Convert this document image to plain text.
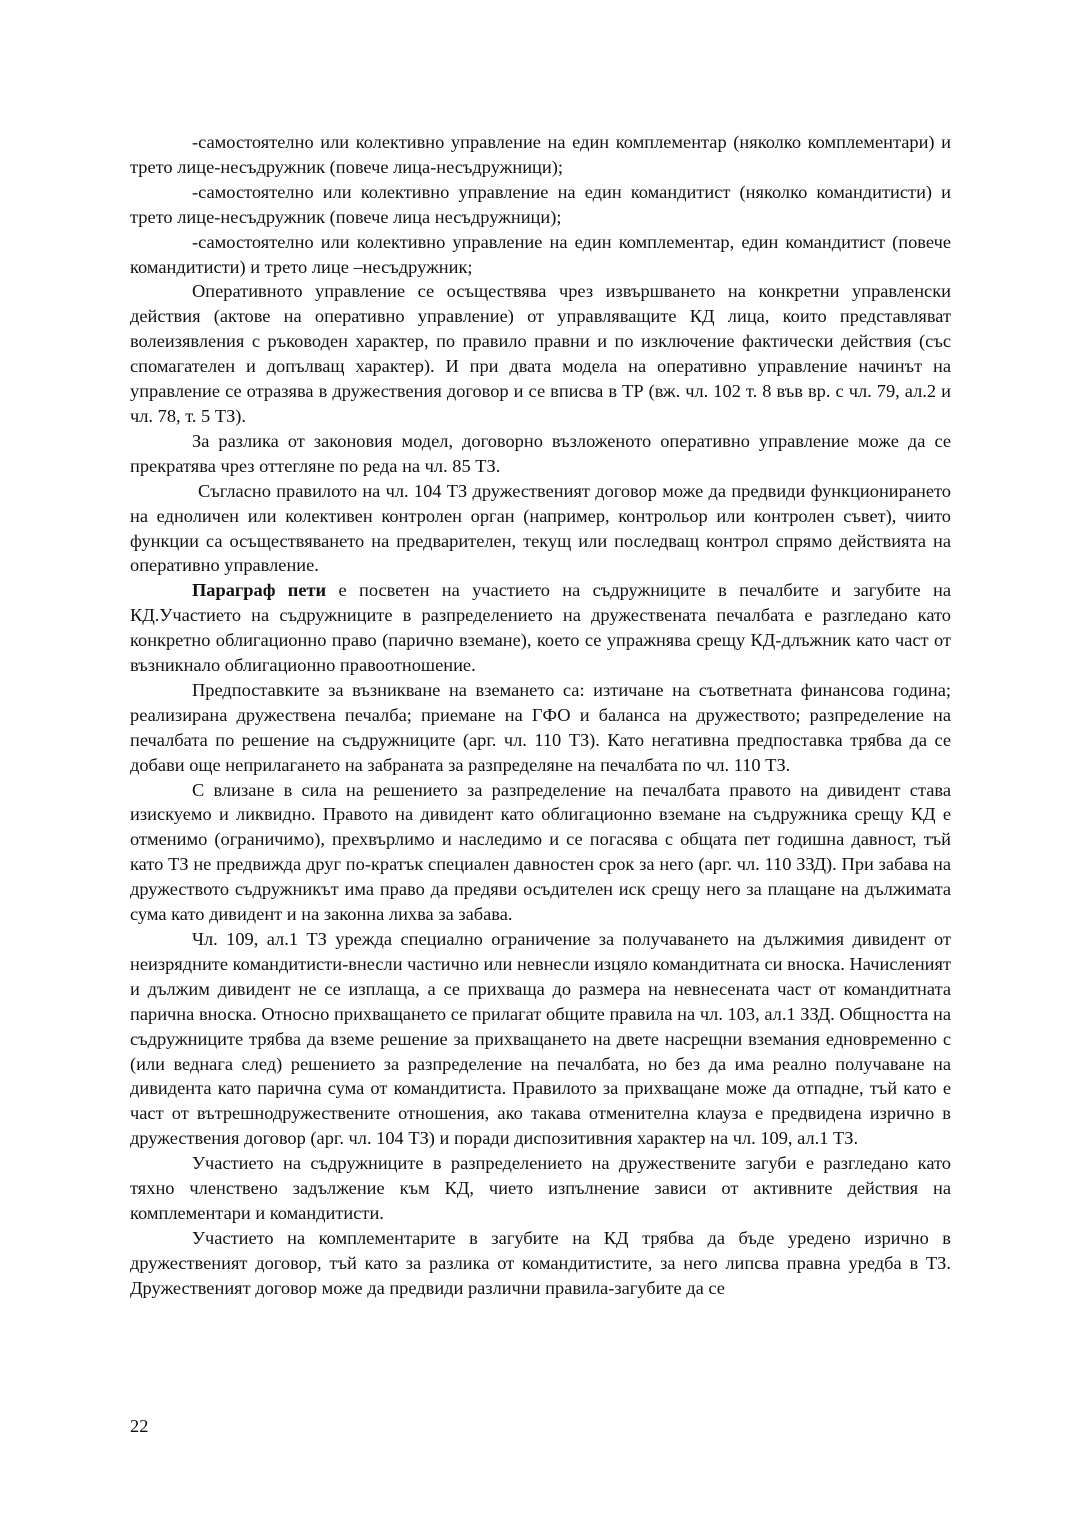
-самостоятелно или колективно управление на един комплементар (няколко комплементари) и трето лице-несъдружник (повече лица-несъдружници);

-самостоятелно или колективно управление на един командитист (няколко командитисти) и трето лице-несъдружник (повече лица несъдружници);

-самостоятелно или колективно управление на един комплементар, един командитист (повече командитисти) и трето лице –несъдружник;

Оперативното управление се осъществява чрез извършването на конкретни управленски действия (актове на оперативно управление) от управляващите КД лица, които представляват волеизявления с ръководен характер, по правило правни и по изключение фактически действия (със спомагателен и допълващ характер). И при двата модела на оперативно управление начинът на управление се отразява в дружествения договор и се вписва в ТР (вж. чл. 102 т. 8 във вр. с чл. 79, ал.2 и чл. 78, т. 5 ТЗ).

За разлика от законовия модел, договорно възложеното оперативно управление може да се прекратява чрез оттегляне по реда на чл. 85 ТЗ.

Съгласно правилото на чл. 104 ТЗ дружественият договор може да предвиди функционирането на едноличен или колективен контролен орган (например, контрольор или контролен съвет), чиито функции са осъществяването на предварителен, текущ или последващ контрол спрямо действията на оперативно управление.

Параграф пети е посветен на участието на съдружниците в печалбите и загубите на КД.Участието на съдружниците в разпределението на дружествената печалбата е разгледано като конкретно облигационно право (парично вземане), което се упражнява срещу КД-длъжник като част от възникнало облигационно правоотношение.

Предпоставките за възникване на вземането са: изтичане на съответната финансова година; реализирана дружествена печалба; приемане на ГФО и баланса на дружеството; разпределение на печалбата по решение на съдружниците (арг. чл. 110 ТЗ). Като негативна предпоставка трябва да се добави още неприлагането на забраната за разпределяне на печалбата по чл. 110 ТЗ.

С влизане в сила на решението за разпределение на печалбата правото на дивидент става изискуемо и ликвидно. Правото на дивидент като облигационно вземане на съдружника срещу КД е отменимо (ограничимо), прехвърлимо и наследимо и се погасява с общата пет годишна давност, тъй като ТЗ не предвижда друг по-кратък специален давностен срок за него (арг. чл. 110 ЗЗД). При забава на дружеството съдружникът има право да предяви осъдителен иск срещу него за плащане на дължимата сума като дивидент и на законна лихва за забава.

Чл. 109, ал.1 ТЗ урежда специално ограничение за получаването на дължимия дивидент от неизрядните командитисти-внесли частично или невнесли изцяло командитната си вноска. Начисленият и дължим дивидент не се изплаща, а се прихваща до размера на невнесената част от командитната парична вноска. Относно прихващането се прилагат общите правила на чл. 103, ал.1 ЗЗД. Общността на съдружниците трябва да вземе решение за прихващането на двете насрещни вземания едновременно с (или веднага след) решението за разпределение на печалбата, но без да има реално получаване на дивидента като парична сума от командитиста. Правилото за прихващане може да отпадне, тъй като е част от вътрешнодружествените отношения, ако такава отменителна клауза е предвидена изрично в дружествения договор (арг. чл. 104 ТЗ) и поради диспозитивния характер на чл. 109, ал.1 ТЗ.

Участието на съдружниците в разпределението на дружествените загуби е разгледано като тяхно членствено задължение към КД, чието изпълнение зависи от активните действия на комплементари и командитисти.

Участието на комплементарите в загубите на КД трябва да бъде уредено изрично в дружественият договор, тъй като за разлика от командитистите, за него липсва правна уредба в ТЗ. Дружественият договор може да предвиди различни правила-загубите да се

22
